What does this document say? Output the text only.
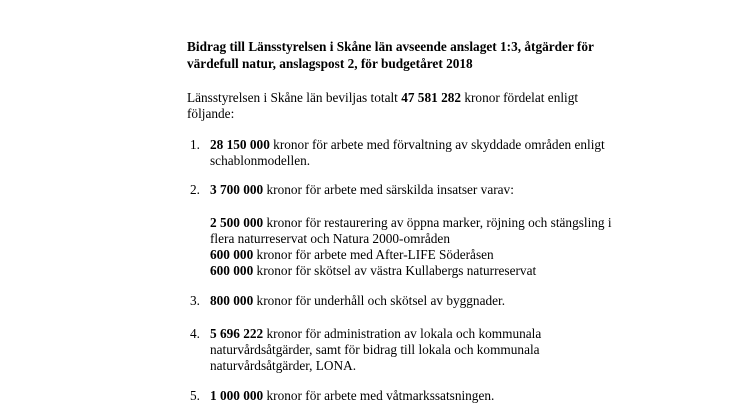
Bidrag till Länsstyrelsen i Skåne län avseende anslaget 1:3, åtgärder för
värdefull natur, anslagspost 2, för budgetåret 2018
Länsstyrelsen i Skåne län beviljas totalt 47 581 282 kronor fördelat enligt
följande:
1. 28 150 000 kronor för arbete med förvaltning av skyddade områden enligt
schablonmodellen.
2. 3 700 000 kronor för arbete med särskilda insatser varav:
2 500 000 kronor för restaurering av öppna marker, röjning och stängsling i
flera naturreservat och Natura 2000-områden
600 000 kronor för arbete med After-LIFE Söderåsen
600 000 kronor för skötsel av västra Kullabergs naturreservat
3. 800 000 kronor för underhåll och skötsel av byggnader.
4. 5 696 222 kronor för administration av lokala och kommunala
naturvårdsåtgärder, samt för bidrag till lokala och kommunala
naturvårdsåtgärder, LONA.
5. 1 000 000 kronor för arbete med våtmarkssatsningen.
